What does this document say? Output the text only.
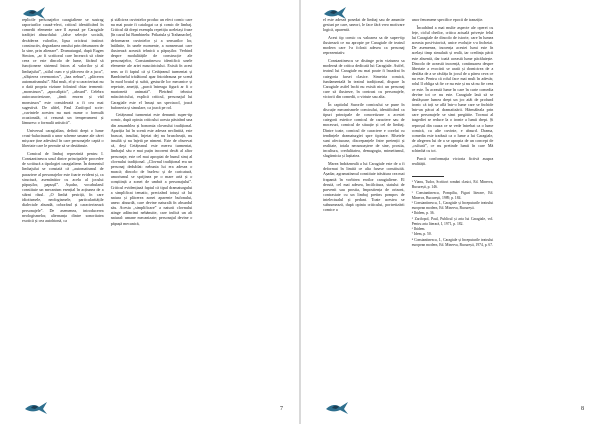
replicile personajelor caragialiene se sustrag raporturilor cauză-efect, criticul identificând în comedii elemente care îl așează pe Caragiale tradiției absurdului: „false selecție socială, decăderea valorilor, lipsa oricărui instinct constructiv, degradarea omului prin detumarea de la sine, prin alienare”. Dramaturgul, după Eugen Simion, „ar fi scriitorul care încearcă să cânte ceea ce este dincolo de lume, făcând să funcționeze sistemul întors al valorilor și al limbajului”, „stilul cum e și plăcerea de a juca”, „sfâșierea ceremonios”, „haz nebun”, „plăcerea automatismului”. Mai mult, el și-a caracterizat nu o dată propria viziune folosind chiar termenii: „monstruos”, „apocaliptic”, „absurd”. Celebra autocaracterizare, „timit enorm și văd monstruos” este considerată a fi cea mai sugestivă. De altfel, Paul Zarifopol scrie: „cuvintele acestea nu sunt nume o formulă ocazională, ci rezumă un temperament și lămuresc o formulă artistică”.

Universul caragialian, definit drept o lume cvasi-halucinantă a unor scheme umane ale cărei mișcare ține adevărul în care personajele captă o libertate care le permite să se destăinuie.

Comicul de limbaj reprezintă pentru I. Constantinescu unul dintre principalele procedee de scriitură a tipologiei caragialiene. În domeniul limbajului se constată că „automatismul de paraziere al personajelor este foarte evident și, ca structură, asemănător cu acela al jocului păpușilor, papușil”. Așadar, vocabularul constituie un mecanism esențial în acțiunea de a stârni râsul. „O limbă pestriță, în care idiotismele, neologismele, particularitățile dialectale abundă, coborând și caracterizează personajele”. De asemenea, introducerea neologismelor, alternanța dintre sonoritatea exotică și cea autohtonă, ca

și stâlcirea cuvintelor produc un efect comic care nu mai poate fi catalogat ca și comic de limbaj. Criticul dă drept exemplu repetiția aceleiași fraze [în cazul lui Bambinelu: Prikatula și Trahanache], deformarea cuvintelor și a sensurilor lor, întâlnite, în unele momente, a nonsensuri care ilustrează această tehnică a păpușilor. Verbind despre modalitățile de construcție ale personajelor, Constantinescu identifică unele elemente ale artei mascăriciului. Există în acest sens ar fi faptul că și Cetățeanul turmentat și Bambinelul trădătorul apar întotdeauna pe scenă în mod brutal și subit, gesturile lor mecanice și repetate, amețiți, „parcă întreaga figură ar fi o marionetă animată”. Pletrând tehnica măscăriciului, explică criticul, personajul lui Caragiale este el însuși un spectacol, joacă bufoneria și simulare, ca joacă pe rol.

Cetățeanul turmentat este denumit super-tip comic, după opinia criticului acesta păstrând una din ansamblea și bonomia clovnului tradițional. Apariția lui în scenă este adesea neclintită, este brascat, insultat, înjetat dej nu bruscheață, nu insultă și nu înjetă pe nimeni. Este de observat că, deși Cetățeanul este mereu turmentat, limbajul său e mai puțin incorent decât al altor personaje, este cel mai apropiat de bunul simț al clovnului tradițional. „Clovnul tradițional era un personaj dedublat: nebunia lui era adesea o mască; dincolo de burlesc și de caricatură, umorismul se sprijinea pe o mare artă și o conștiință a zonei de umbră a personajului”. Criticul evidențiază faptul că tipul dramaturgului a simplificat tematic, precizând totuși că lui natura și plăcerea zonei aparente bufonului, unesc absurdă, care devine naturală în absurdul său. Acesta „simplificare” a naturii clovnului atinge adâncimi nebănuite, care indică un alt natural: umane mecanizate; personajul devine o păpușă mecanică,

7

el este adesea posedat de limbaj sau de anumite gesturi pe care, uneori, le face fără vreo motivare logică, aparentă.

Acest tip comic cu valoarea sa de super-tip ilustrează ce nu apropie pe Caragiale de teatrul modern care l-a folosit adesea ca personaj reprezentativ.

Constantinescu se distinge prin viziunea sa modernă de critica dedicată lui Caragiale. Astfel, teatrul lui Caragiale nu mai poate fi încadrat în categoria farsei clasice. Simetria comică, fundamentală în teatrul tradițional, dispare la Caragiale astfel încât nu există nici un personaj care să ilustreze, în contrast cu personajele, victorii din comedii, o virtute sau alta.

În capitolul Surorile comicului se pune în discuție mecanismele comicului, identificând ca tipuri principale de concretizare a acestei categorii estetice comicul de caractere sau de moravuri, comicul de situație și cel de limbaj. Dintre toate, comicul de caractere e corelat cu tendințele dramaturgiei spre tipizare. Rîsetele sunt afectuoase, discrepanțele între pretenții și realitate, totala necunoaștere de sine, prostia, incultura, credulitatea, demagogia, mimetismul, slugărnicia și lașitatea.

Marea îndrăzneală a lui Caragiale este de a fi deformat în limită ce alta fusese constituită. Așadar, agramatismul constituie trăsătura cea mai frapantă în vorbirea eroilor caragialiene. El derută, cel mai adesea, încâlcitura, statului de parvenit sau prostia, împostiența de orizont, contrastate cu un limbaj pretins pompos de intelectualul și pedant. Toate acestea se subsumează, după opinia criticului, portretizării comice a

unor fenomene specifice epocii de tranziție.

Încadrând a mai multe aspecte ale operei cu fețe, ciclul cheilor, critica actuală privește felul lui Caragiale de dincolo de istorie, care în lumea aceasta post-istorică, unice evoluție s-a încheiat. De asemenea, inocența acestei lumi este în același timp simulată și reală, iar credința păcii este absentă, dar toată această lume păcăluiește. Dincolo de această inocență, continuarea despre libertate a evocării se arată și dornicirea de a desfăta de a se răsfăța în jocul de a părea ceva ce nu este. Pentru că rolul face mai mult în adevăr, rolul îl obliga să fie ce nu este și nu să nu fie ceea ce este. În această lume în care în carte comedia devine tot ce nu este. Caragiale lasă să se desfășoare lumea drept un joc atât de profund ironic că toți se află într-o lume care se închide într-un păcat al dramatizării. Hărmăleala prin care personajele se simt pregătite. Tocmai al tragediei se reduce la o ironie a lumii drept. Și reproșul din cauza ce se vede întrebat ca o lume comică, cu alte cuvinte, e absurd. Drama, comedia este tradusă ca o lume a lui Caragiale, de alegerea lui de a se apropia de un concept de „cultură”, ce nu pretinde lumii în care Mă schimbă cu tot.

Parcă conformația victoria fictivă asupra realității.

¹ Vianu, Tudor, Scriitori români clasici, Ed. Minerva, București, p. 146.

² Constantinescu, Pompiliu, Figuri literare, Ed. Minerva, București, 1989, p. 184.

³ Constantinescu, I., Caragiale și începuturile teatrului european modern, Ed. Minerva, București.

⁴ Ibidem, p. 36.

⁵ Zarifopol, Paul, Publicul și arta lui Caragiale, vol. Pentru arta literară, I, 1971, p. 182.

⁶ Ibidem.

⁷ Idem, p. 50.

⁸ Constantinescu, I., Caragiale și începuturile teatrului european modern, Ed. Minerva, București, 1974, p. 67.

8
